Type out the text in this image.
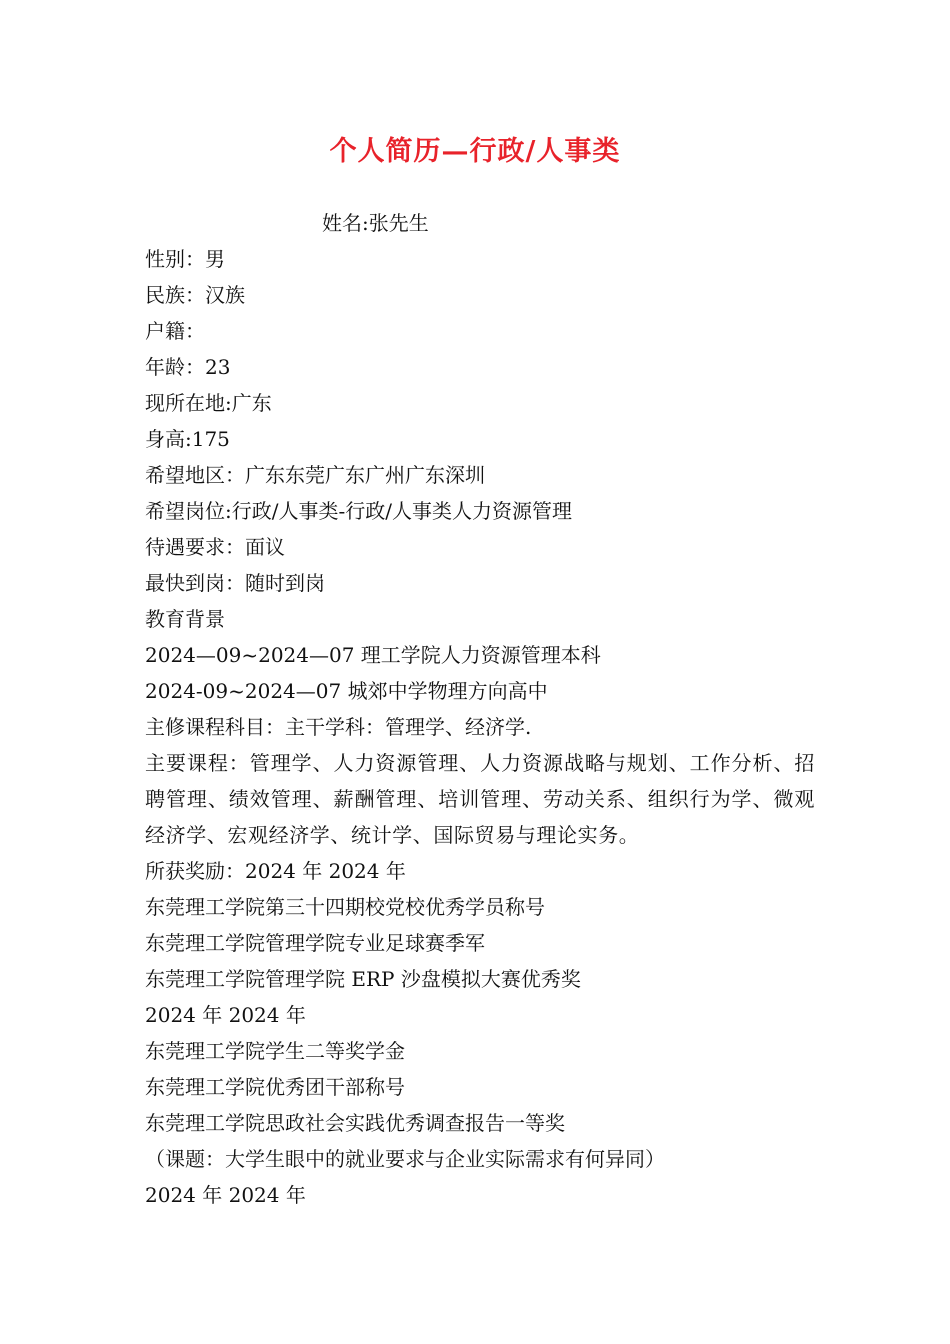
个人简历—行政/人事类
姓名:张先生
性别：男
民族：汉族
户籍：
年龄：23
现所在地:广东
身高:175
希望地区：广东东莞广东广州广东深圳
希望岗位:行政/人事类-行政/人事类人力资源管理
待遇要求：面议
最快到岗：随时到岗
教育背景
2024—09~2024—07 理工学院人力资源管理本科
2024-09~2024—07 城郊中学物理方向高中
主修课程科目：主干学科：管理学、经济学.
主要课程：管理学、人力资源管理、人力资源战略与规划、工作分析、招聘管理、绩效管理、薪酬管理、培训管理、劳动关系、组织行为学、微观经济学、宏观经济学、统计学、国际贸易与理论实务。
所获奖励：2024 年 2024 年
东莞理工学院第三十四期校党校优秀学员称号
东莞理工学院管理学院专业足球赛季军
东莞理工学院管理学院 ERP 沙盘模拟大赛优秀奖
2024 年 2024 年
东莞理工学院学生二等奖学金
东莞理工学院优秀团干部称号
东莞理工学院思政社会实践优秀调查报告一等奖
（课题：大学生眼中的就业要求与企业实际需求有何异同）
2024 年 2024 年
